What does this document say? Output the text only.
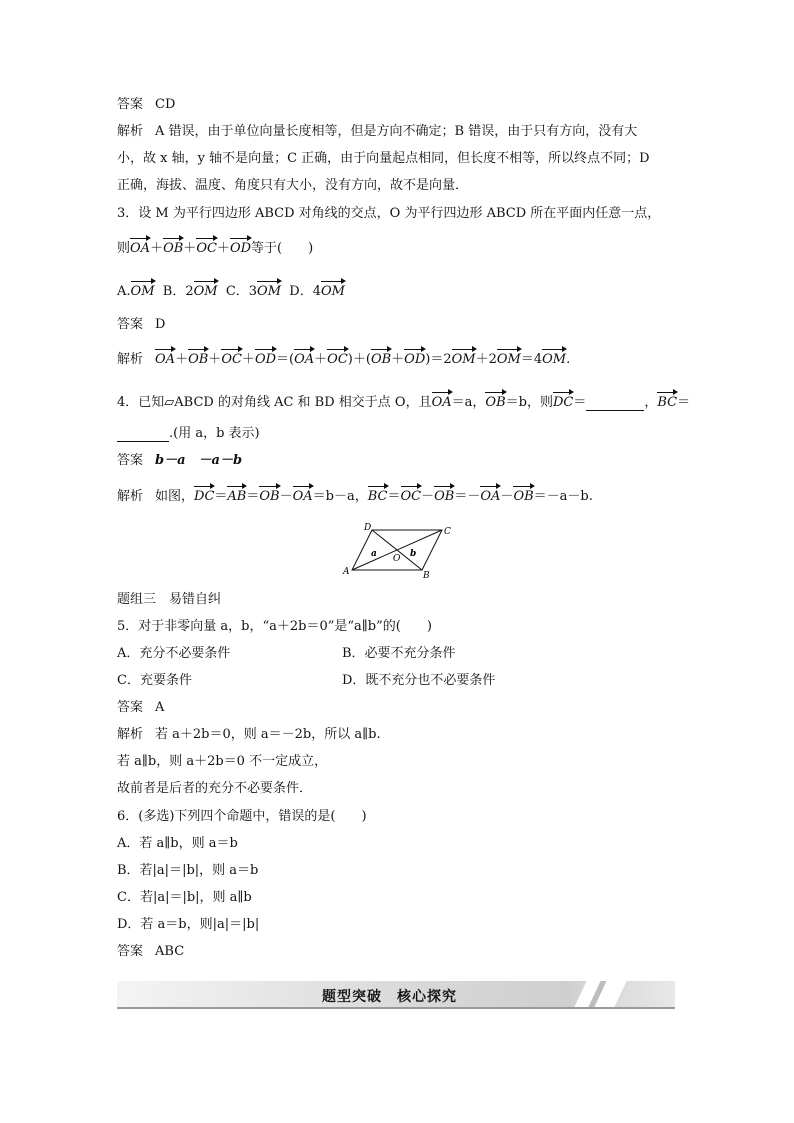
答案 CD
解析 A 错误，由于单位向量长度相等，但是方向不确定；B 错误，由于只有方向，没有大
小，故 x 轴，y 轴不是向量；C 正确，由于向量起点相同，但长度不相等，所以终点不同；D
正确，海拔、温度、角度只有大小，没有方向，故不是向量．
3．设 M 为平行四边形 ABCD 对角线的交点，O 为平行四边形 ABCD 所在平面内任意一点，
则OA＋OB＋OC＋OD等于(　　)
A.OM B．2OM C．3OM D．4OM
答案 D
解析 OA＋OB＋OC＋OD＝(OA＋OC)＋(OB＋OD)＝2OM＋2OM＝4OM.
4．已知▱ABCD 的对角线 AC 和 BD 相交于点 O，且OA＝a，OB＝b，则DC＝	，BC＝
.(用 a，b 表示)
答案 b－a　－a－b
解析 如图，DC＝AB＝OB－OA＝b－a，BC＝OC－OB＝－OA－OB＝－a－b.
D	C
A	B
O
a	b
题组三　易错自纠
5．对于非零向量 a，b，“a＋2b＝0”是“a∥b”的(　　)
A．充分不必要条件	B．必要不充分条件
C．充要条件	D．既不充分也不必要条件
答案 A
解析 若 a＋2b＝0，则 a＝－2b，所以 a∥b.
若 a∥b，则 a＋2b＝0 不一定成立，
故前者是后者的充分不必要条件．
6．(多选)下列四个命题中，错误的是(　　)
A．若 a∥b，则 a＝b
B．若|a|＝|b|，则 a＝b
C．若|a|＝|b|，则 a∥b
D．若 a＝b，则|a|＝|b|
答案 ABC
题型突破　核心探究
